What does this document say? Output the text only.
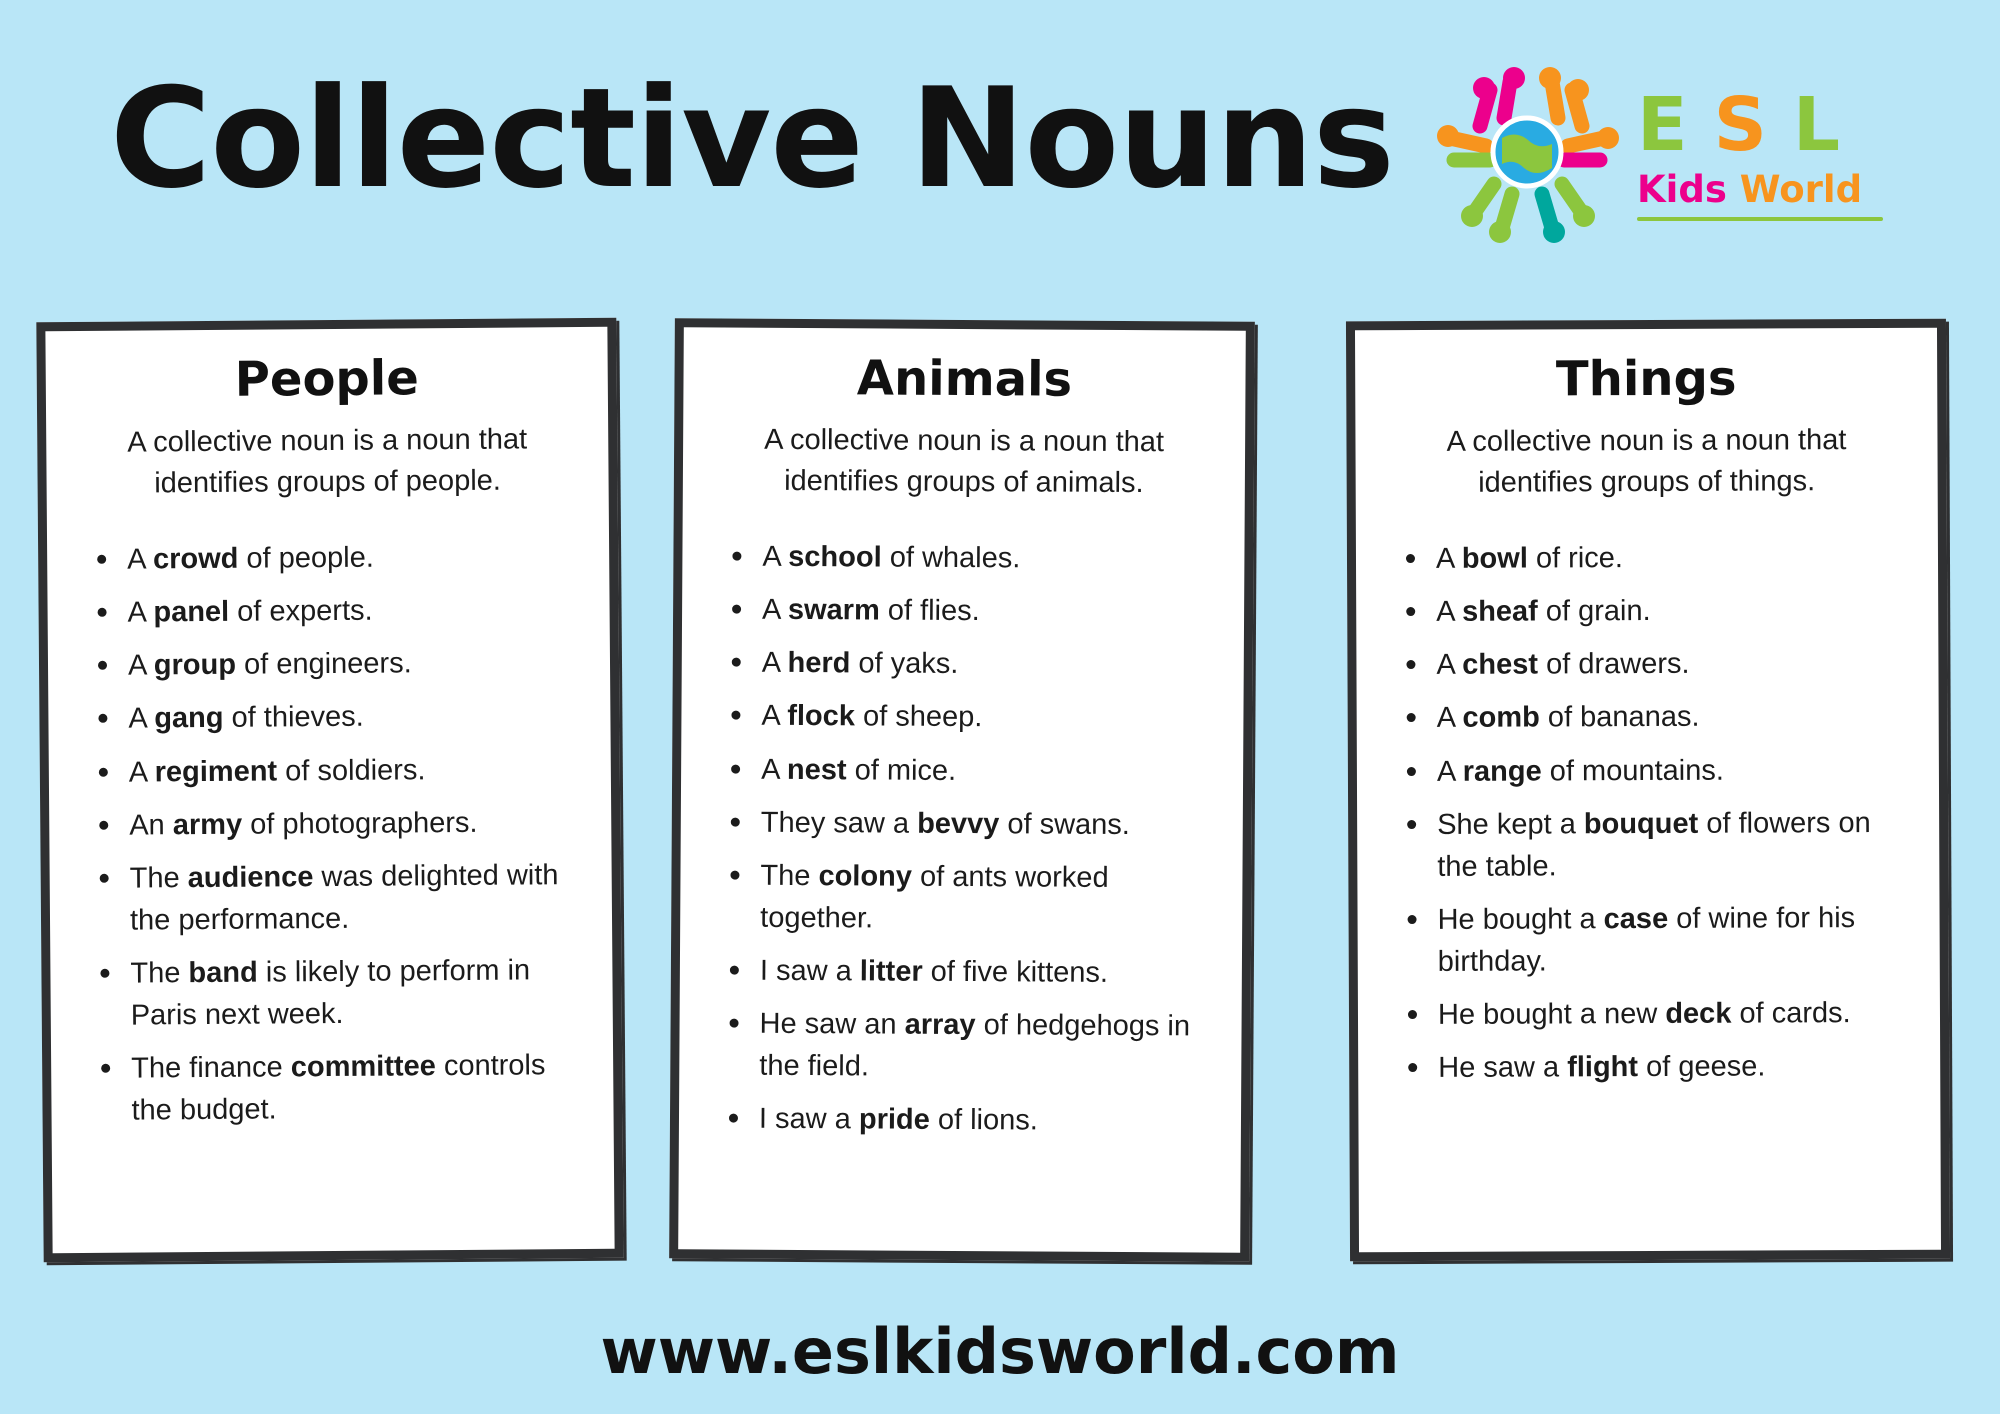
Collective Nouns	E S L
Kids World
People
A collective noun is a noun that identifies groups of people.
A crowd of people.
A panel of experts.
A group of engineers.
A gang of thieves.
A regiment of soldiers.
An army of photographers.
The audience was delighted with the performance.
The band is likely to perform in Paris next week.
The finance committee controls the budget.
Animals
A collective noun is a noun that identifies groups of animals.
A school of whales.
A swarm of flies.
A herd of yaks.
A flock of sheep.
A nest of mice.
They saw a bevvy of swans.
The colony of ants worked together.
I saw a litter of five kittens.
He saw an array of hedgehogs in the field.
I saw a pride of lions.
Things
A collective noun is a noun that identifies groups of things.
A bowl of rice.
A sheaf of grain.
A chest of drawers.
A comb of bananas.
A range of mountains.
She kept a bouquet of flowers on the table.
He bought a case of wine for his birthday.
He bought a new deck of cards.
He saw a flight of geese.
www.eslkidsworld.com
